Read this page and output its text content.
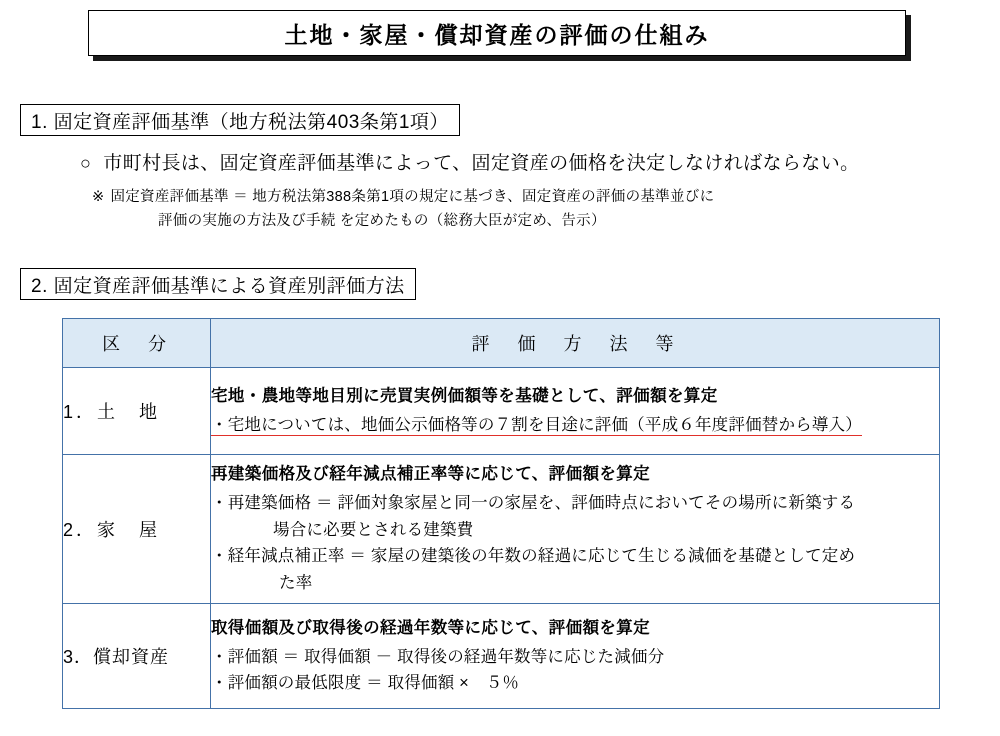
土地・家屋・償却資産の評価の仕組み
1. 固定資産評価基準（地方税法第403条第1項）
○ 市町村長は、固定資産評価基準によって、固定資産の価格を決定しなければならない。
※ 固定資産評価基準 ＝ 地方税法第388条第1項の規定に基づき、固定資産の評価の基準並びに
評価の実施の方法及び手続 を定めたもの（総務大臣が定め、告示）
2. 固定資産評価基準による資産別評価方法
区　分	評　価　方　法　等
1．土　地	宅地・農地等地目別に売買実例価額等を基礎として、評価額を算定
・宅地については、地価公示価格等の７割を目途に評価（平成６年度評価替から導入）

2．家　屋	再建築価格及び経年減点補正率等に応じて、評価額を算定
・再建築価格 ＝ 評価対象家屋と同一の家屋を、評価時点においてその場所に新築する
場合に必要とされる建築費
・経年減点補正率 ＝ 家屋の建築後の年数の経過に応じて生じる減価を基礎として定め
た率

3．償却資産	取得価額及び取得後の経過年数等に応じて、評価額を算定
・評価額 ＝ 取得価額 － 取得後の経過年数等に応じた減価分
・評価額の最低限度 ＝ 取得価額 ×　５％
